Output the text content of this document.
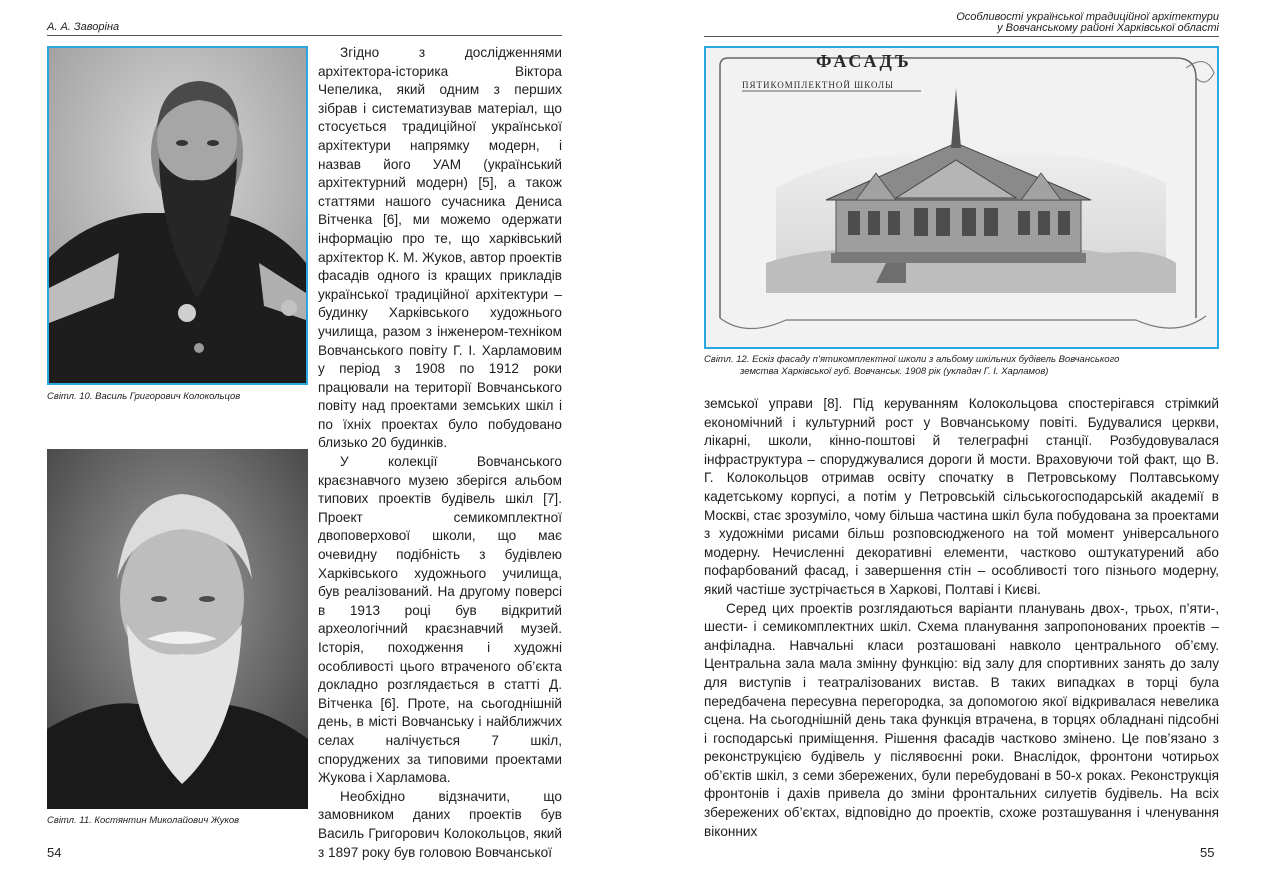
А. А. Заворіна
Світл. 10. Василь Григорович Колокольцов
Світл. 11. Костянтин Миколайович Жуков

Згідно з дослідженнями архітектора-історика Віктора Чепелика, який одним з перших зібрав і систематизував матеріал, що стосується традиційної української архітектури напрямку модерн, і назвав його УАМ (український архітектурний модерн) [5], а також статтями нашого сучасника Дениса Вітченка [6], ми можемо одержати інформацію про те, що харківський архітектор К. М. Жуков, автор проектів фасадів одного із кращих прикладів української традиційної архітектури – будинку Харківського художнього училища, разом з інженером-техніком Вовчанського повіту Г. І. Харламовим у період з 1908 по 1912 роки працювали на території Вовчанського повіту над проектами земських шкіл і по їхніх проектах було побудовано близько 20 будинків.

У колекції Вовчанського краєзнавчого музею зберігся альбом типових проектів будівель шкіл [7]. Проект семикомплектної двоповерхової школи, що має очевидну подібність з будівлею Харківського художнього училища, був реалізований. На другому поверсі в 1913 році був відкритий археологічний краєзнавчий музей. Історія, походження і художні особливості цього втраченого об’єкта докладно розглядається в статті Д. Вітченка [6]. Проте, на сьогоднішній день, в місті Вовчанську і найближчих селах налічується 7 шкіл, споруджених за типовими проектами Жукова і Харламова.

Необхідно відзначити, що замовником даних проектів був Василь Григорович Колокольцов, який з 1897 року був головою Вовчанської

54
Особливості української традиційної архітектури
у Вовчанському районі Харківської області
ФАСАДЪ
ПЯТИКОМПЛЕКТНОЙ ШКОЛЫ
Світл. 12. Ескіз фасаду п’ятикомплектної школи з альбому шкільних будівель Вовчанського
земства Харківської губ. Вовчанськ. 1908 рік (укладач Г. І. Харламов)

земської управи [8]. Під керуванням Колокольцова спостерігався стрімкий економічний і культурний рост у Вовчанському повіті. Будувалися церкви, лікарні, школи, кінно-поштові й телеграфні станції. Розбудовувалася інфраструктура – споруджувалися дороги й мости. Враховуючи той факт, що В. Г. Колокольцов отримав освіту спочатку в Петровському Полтавському кадетському корпусі, а потім у Петровській сільськогосподарській академії в Москві, стає зрозуміло, чому більша частина шкіл була побудована за проектами з художніми рисами більш розповсюдженого на той момент універсального модерну. Нечисленні декоративні елементи, частково оштукатурений або пофарбований фасад, і завершення стін – особливості того пізнього модерну, який частіше зустрічається в Харкові, Полтаві і Києві.

Серед цих проектів розглядаються варіанти планувань двох-, трьох, п’яти-, шести- і семикомплектних шкіл. Схема планування запропонованих проектів – анфіладна. Навчальні класи розташовані навколо центрального об’єму. Центральна зала мала змінну функцію: від залу для спортивних занять до залу для виступів і театралізованих вистав. В таких випадках в торці була передбачена пересувна перегородка, за допомогою якої відкривалася невелика сцена. На сьогоднішній день така функція втрачена, в торцях обладнані підсобні і господарські приміщення. Рішення фасадів частково змінено. Це пов’язано з реконструкцією будівель у післявоєнні роки. Внаслідок, фронтони чотирьох об’єктів шкіл, з семи збережених, були перебудовані в 50-х роках. Реконструкція фронтонів і дахів привела до зміни фронтальних силуетів будівель. На всіх збережених об’єктах, відповідно до проектів, схоже розташування і членування віконних

55
